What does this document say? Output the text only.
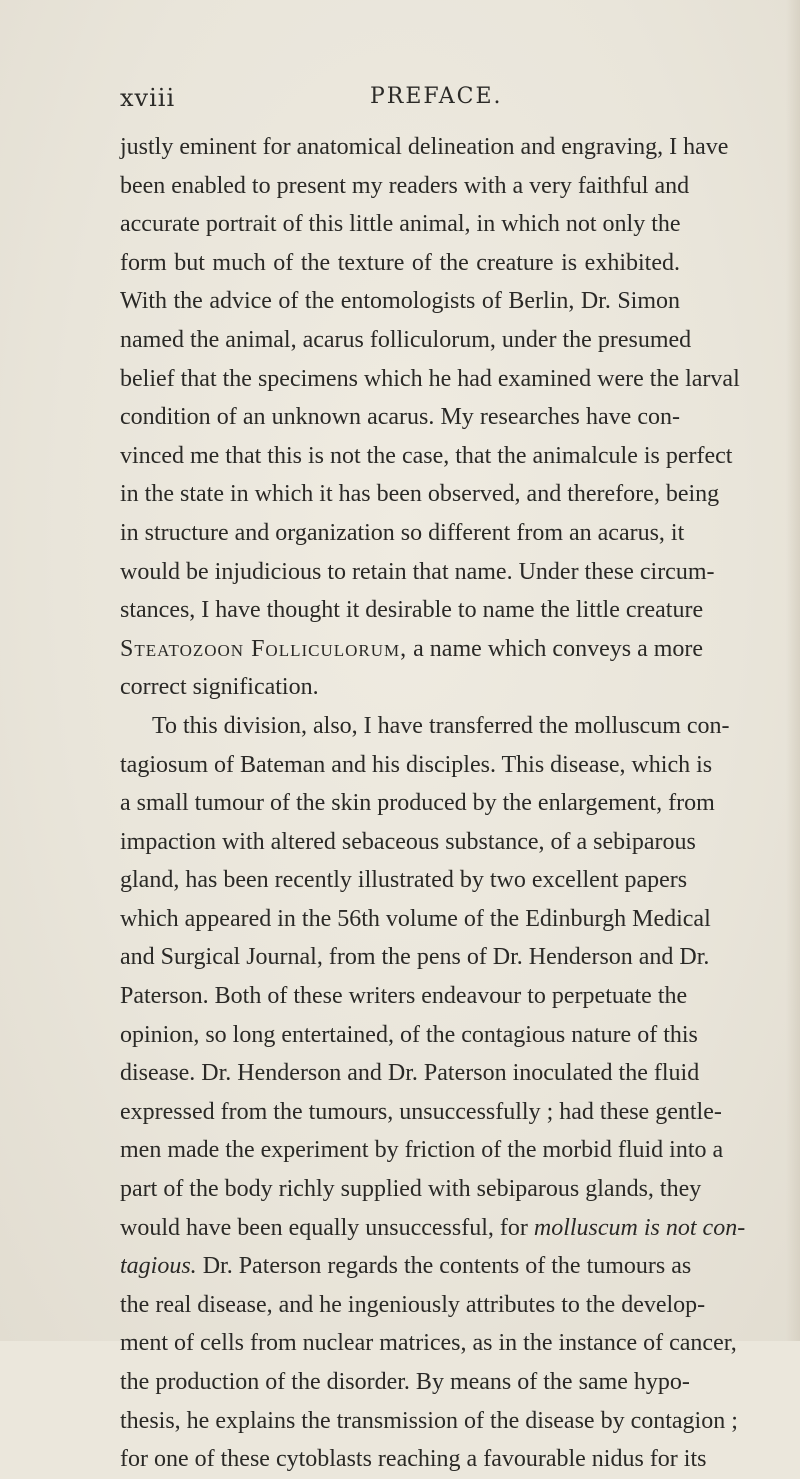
xviii	PREFACE.
justly eminent for anatomical delineation and engraving, I have
been enabled to present my readers with a very faithful and
accurate portrait of this little animal, in which not only the
form but much of the texture of the creature is exhibited.
With the advice of the entomologists of Berlin, Dr. Simon
named the animal, acarus folliculorum, under the presumed
belief that the specimens which he had examined were the larval
condition of an unknown acarus. My researches have con-
vinced me that this is not the case, that the animalcule is perfect
in the state in which it has been observed, and therefore, being
in structure and organization so different from an acarus, it
would be injudicious to retain that name. Under these circum-
stances, I have thought it desirable to name the little creature
Steatozoon Folliculorum, a name which conveys a more
correct signification.
To this division, also, I have transferred the molluscum con-
tagiosum of Bateman and his disciples. This disease, which is
a small tumour of the skin produced by the enlargement, from
impaction with altered sebaceous substance, of a sebiparous
gland, has been recently illustrated by two excellent papers
which appeared in the 56th volume of the Edinburgh Medical
and Surgical Journal, from the pens of Dr. Henderson and Dr.
Paterson. Both of these writers endeavour to perpetuate the
opinion, so long entertained, of the contagious nature of this
disease. Dr. Henderson and Dr. Paterson inoculated the fluid
expressed from the tumours, unsuccessfully ; had these gentle-
men made the experiment by friction of the morbid fluid into a
part of the body richly supplied with sebiparous glands, they
would have been equally unsuccessful, for molluscum is not con-
tagious. Dr. Paterson regards the contents of the tumours as
the real disease, and he ingeniously attributes to the develop-
ment of cells from nuclear matrices, as in the instance of cancer,
the production of the disorder. By means of the same hypo-
thesis, he explains the transmission of the disease by contagion ;
for one of these cytoblasts reaching a favourable nidus for its
